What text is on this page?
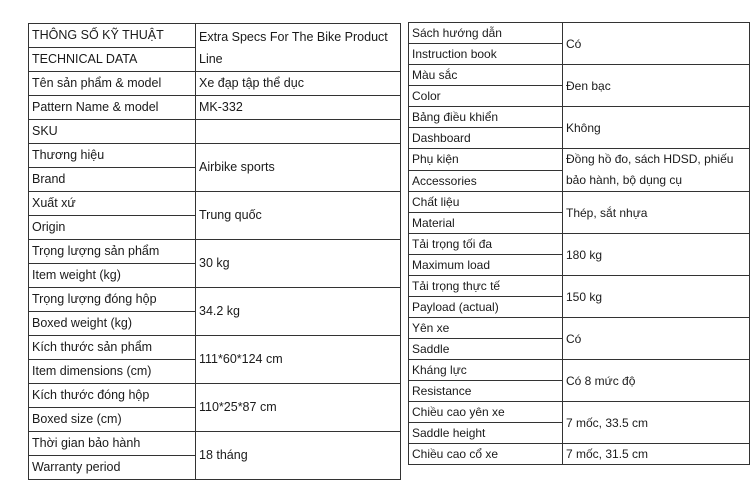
THÔNG SỐ KỸ THUẬT	Extra Specs For The Bike Product Line
TECHNICAL DATA	
Tên sản phẩm & model	Xe đạp tập thể dục
Pattern Name & model	MK-332
SKU	
Thương hiệu	Airbike sports
Brand	
Xuất xứ	Trung quốc
Origin	
Trọng lượng sản phẩm	30 kg
Item weight (kg)	
Trọng lượng đóng hộp	34.2 kg
Boxed weight (kg)	
Kích thước sản phẩm	111*60*124 cm
Item dimensions (cm)	
Kích thước đóng hộp	110*25*87 cm
Boxed size (cm)	
Thời gian bảo hành	18 tháng
Warranty period	
Sách hướng dẫn	Có
Instruction book	
Màu sắc	Đen bạc
Color	
Bảng điều khiển	Không
Dashboard	
Phụ kiện	Đồng hồ đo, sách HDSD, phiếu bảo hành, bộ dụng cụ
Accessories	
Chất liệu	Thép, sắt nhựa
Material	
Tải trọng tối đa	180 kg
Maximum load	
Tải trọng thực tế	150 kg
Payload (actual)	
Yên xe	Có
Saddle	
Kháng lực	Có 8 mức độ
Resistance	
Chiều cao yên xe	7 mốc, 33.5 cm
Saddle height	
Chiều cao cổ xe	7 mốc, 31.5 cm
